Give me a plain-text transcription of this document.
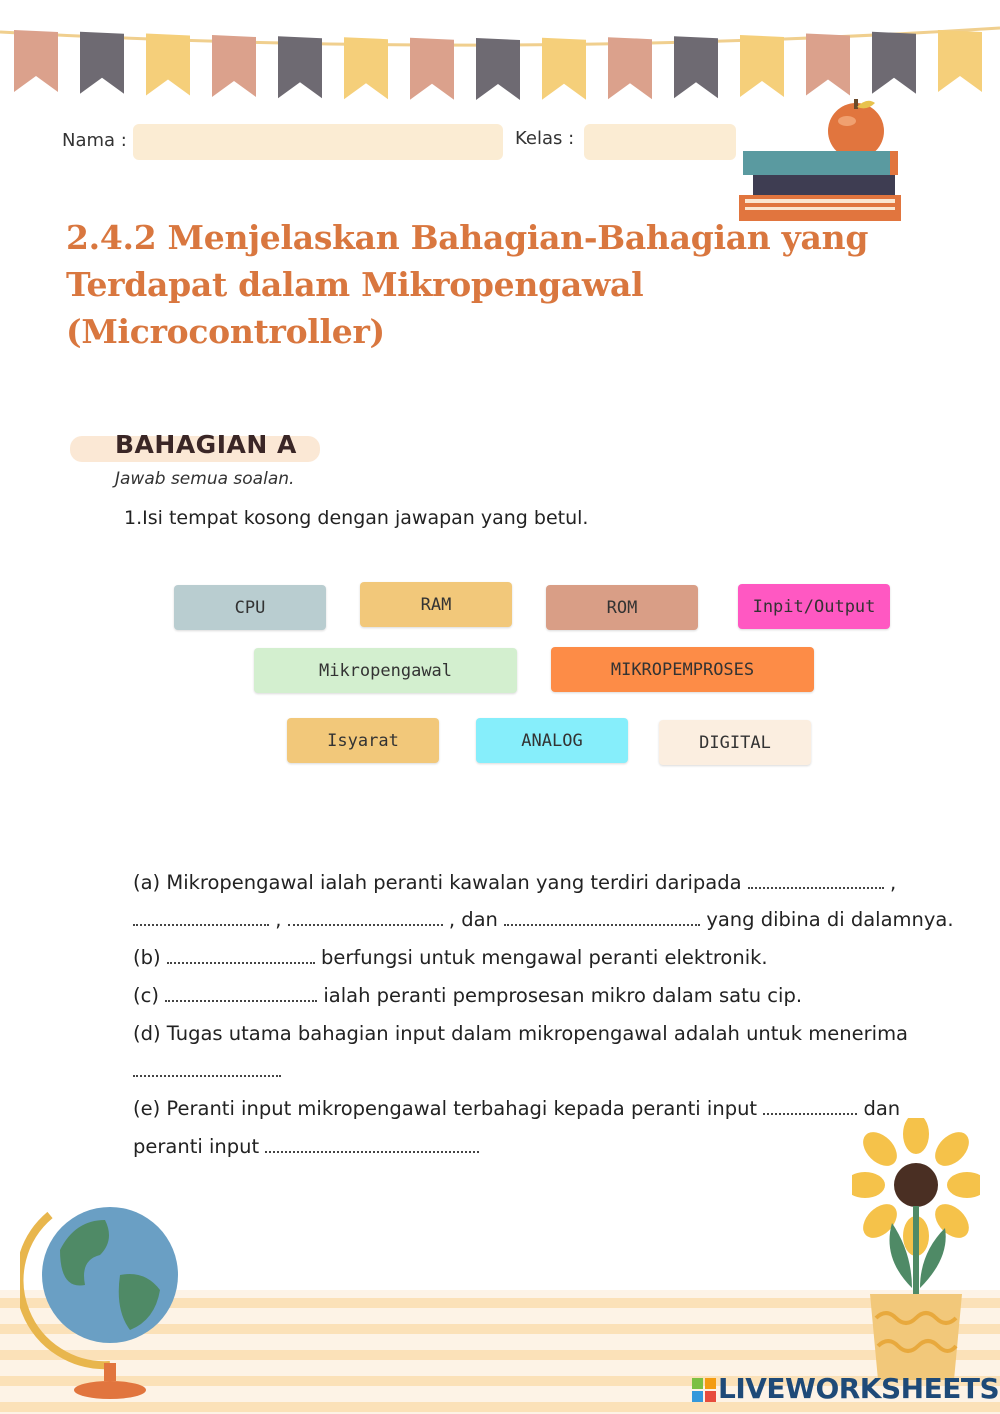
Nama :	Kelas :
2.4.2 Menjelaskan Bahagian-Bahagian yang
Terdapat dalam Mikropengawal (Microcontroller)
BAHAGIAN A
Jawab semua soalan.
1.Isi tempat kosong dengan jawapan yang betul.
CPU	RAM	ROM	Inpit/Output
Mikropengawal	MIKROPEMPROSES
Isyarat	ANALOG	DIGITAL
(a) Mikropengawal ialah peranti kawalan yang terdiri daripada	,
,	, dan	yang dibina di dalamnya.
(b)	berfungsi untuk mengawal peranti elektronik.
(c)	ialah peranti pemprosesan mikro dalam satu cip.
(d) Tugas utama bahagian input dalam mikropengawal adalah untuk menerima
(e) Peranti input mikropengawal terbahagi kepada peranti input	dan
peranti input
LIVEWORKSHEETS
